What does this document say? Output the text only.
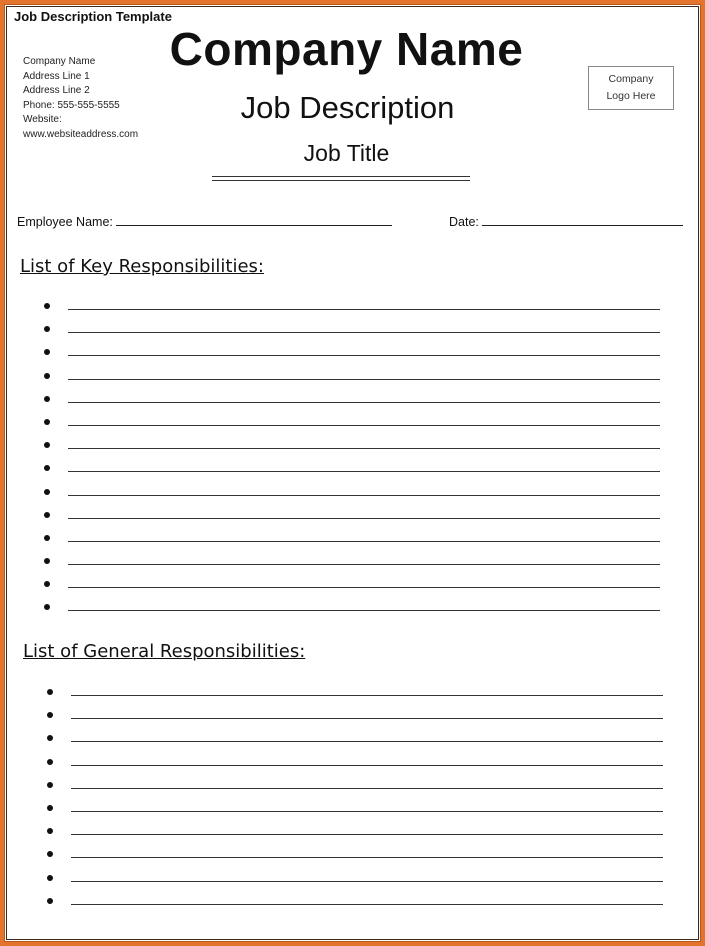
Job Description Template
Company Name
Address Line 1
Address Line 2
Phone: 555-555-5555
Website:
www.websiteaddress.com
Company Name
Job Description
Job Title
Company
Logo Here
Employee Name:	Date:
List of Key Responsibilities:
List of General Responsibilities:
